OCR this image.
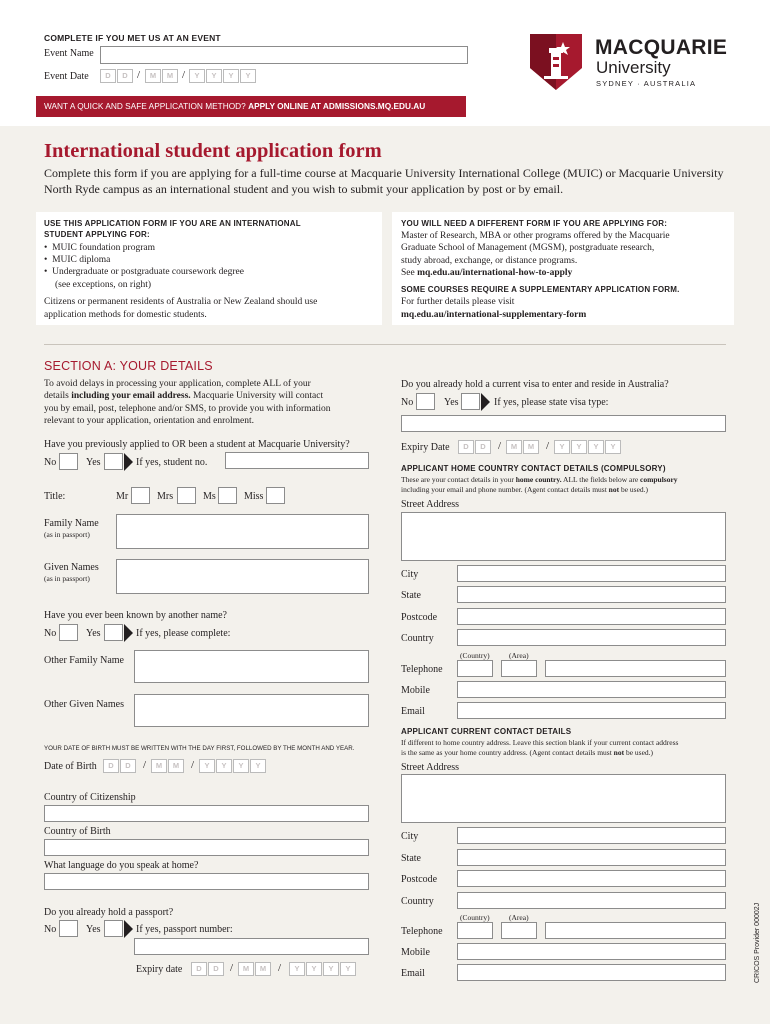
COMPLETE IF YOU MET US AT AN EVENT
Event Name
Event Date	D	D /	M	M /	Y	Y	Y	Y
MACQUARIE
University
SYDNEY · AUSTRALIA
WANT A QUICK AND SAFE APPLICATION METHOD? APPLY ONLINE AT ADMISSIONS.MQ.EDU.AU
International student application form
Complete this form if you are applying for a full-time course at Macquarie University International College (MUIC) or Macquarie University North Ryde campus as an international student and you wish to submit your application by post or by email.
USE THIS APPLICATION FORM IF YOU ARE AN INTERNATIONAL
STUDENT APPLYING FOR:
•  MUIC foundation program
•  MUIC diploma
•  Undergraduate or postgraduate coursework degree
(see exceptions, on right)
Citizens or permanent residents of Australia or New Zealand should use
application methods for domestic students.
YOU WILL NEED A DIFFERENT FORM IF YOU ARE APPLYING FOR:
Master of Research, MBA or other programs offered by the Macquarie
Graduate School of Management (MGSM), postgraduate research,
study abroad, exchange, or distance programs.
See mq.edu.au/international-how-to-apply
SOME COURSES REQUIRE A SUPPLEMENTARY APPLICATION FORM.
For further details please visit
mq.edu.au/international-supplementary-form
SECTION A: YOUR DETAILS
To avoid delays in processing your application, complete ALL of your
details including your email address. Macquarie University will contact
you by email, post, telephone and/or SMS, to provide you with information
relevant to your application, orientation and enrolment.
Have you previously applied to OR been a student at Macquarie University?
No	Yes	If yes, student no.
Title:	Mr	Mrs	Ms	Miss
Family Name
(as in passport)
Given Names
(as in passport)
Have you ever been known by another name?
No	Yes	If yes, please complete:
Other Family Name
Other Given Names
YOUR DATE OF BIRTH MUST BE WRITTEN WITH THE DAY FIRST, FOLLOWED BY THE MONTH AND YEAR.
Date of Birth	D	D	/	M	M	/	Y	Y	Y	Y
Country of Citizenship
Country of Birth
What language do you speak at home?
Do you already hold a passport?
No	Yes	If yes, passport number:
Expiry date	D	D	/	M	M	/	Y	Y	Y	Y
Do you already hold a current visa to enter and reside in Australia?
No	Yes	If yes, please state visa type:
Expiry Date	D	D	/	M	M	/	Y	Y	Y	Y
APPLICANT HOME COUNTRY CONTACT DETAILS (COMPULSORY)
These are your contact details in your home country. ALL the fields below are compulsory
including your email and phone number. (Agent contact details must not be used.)
Street Address
City
State
Postcode
Country
(Country)	(Area)
Telephone
Mobile
Email
APPLICANT CURRENT CONTACT DETAILS
If different to home country address. Leave this section blank if your current contact address
is the same as your home country address. (Agent contact details must not be used.)
Street Address
City
State
Postcode
Country
(Country)	(Area)
Telephone
Mobile
Email	CRICOS Provider 00002J
